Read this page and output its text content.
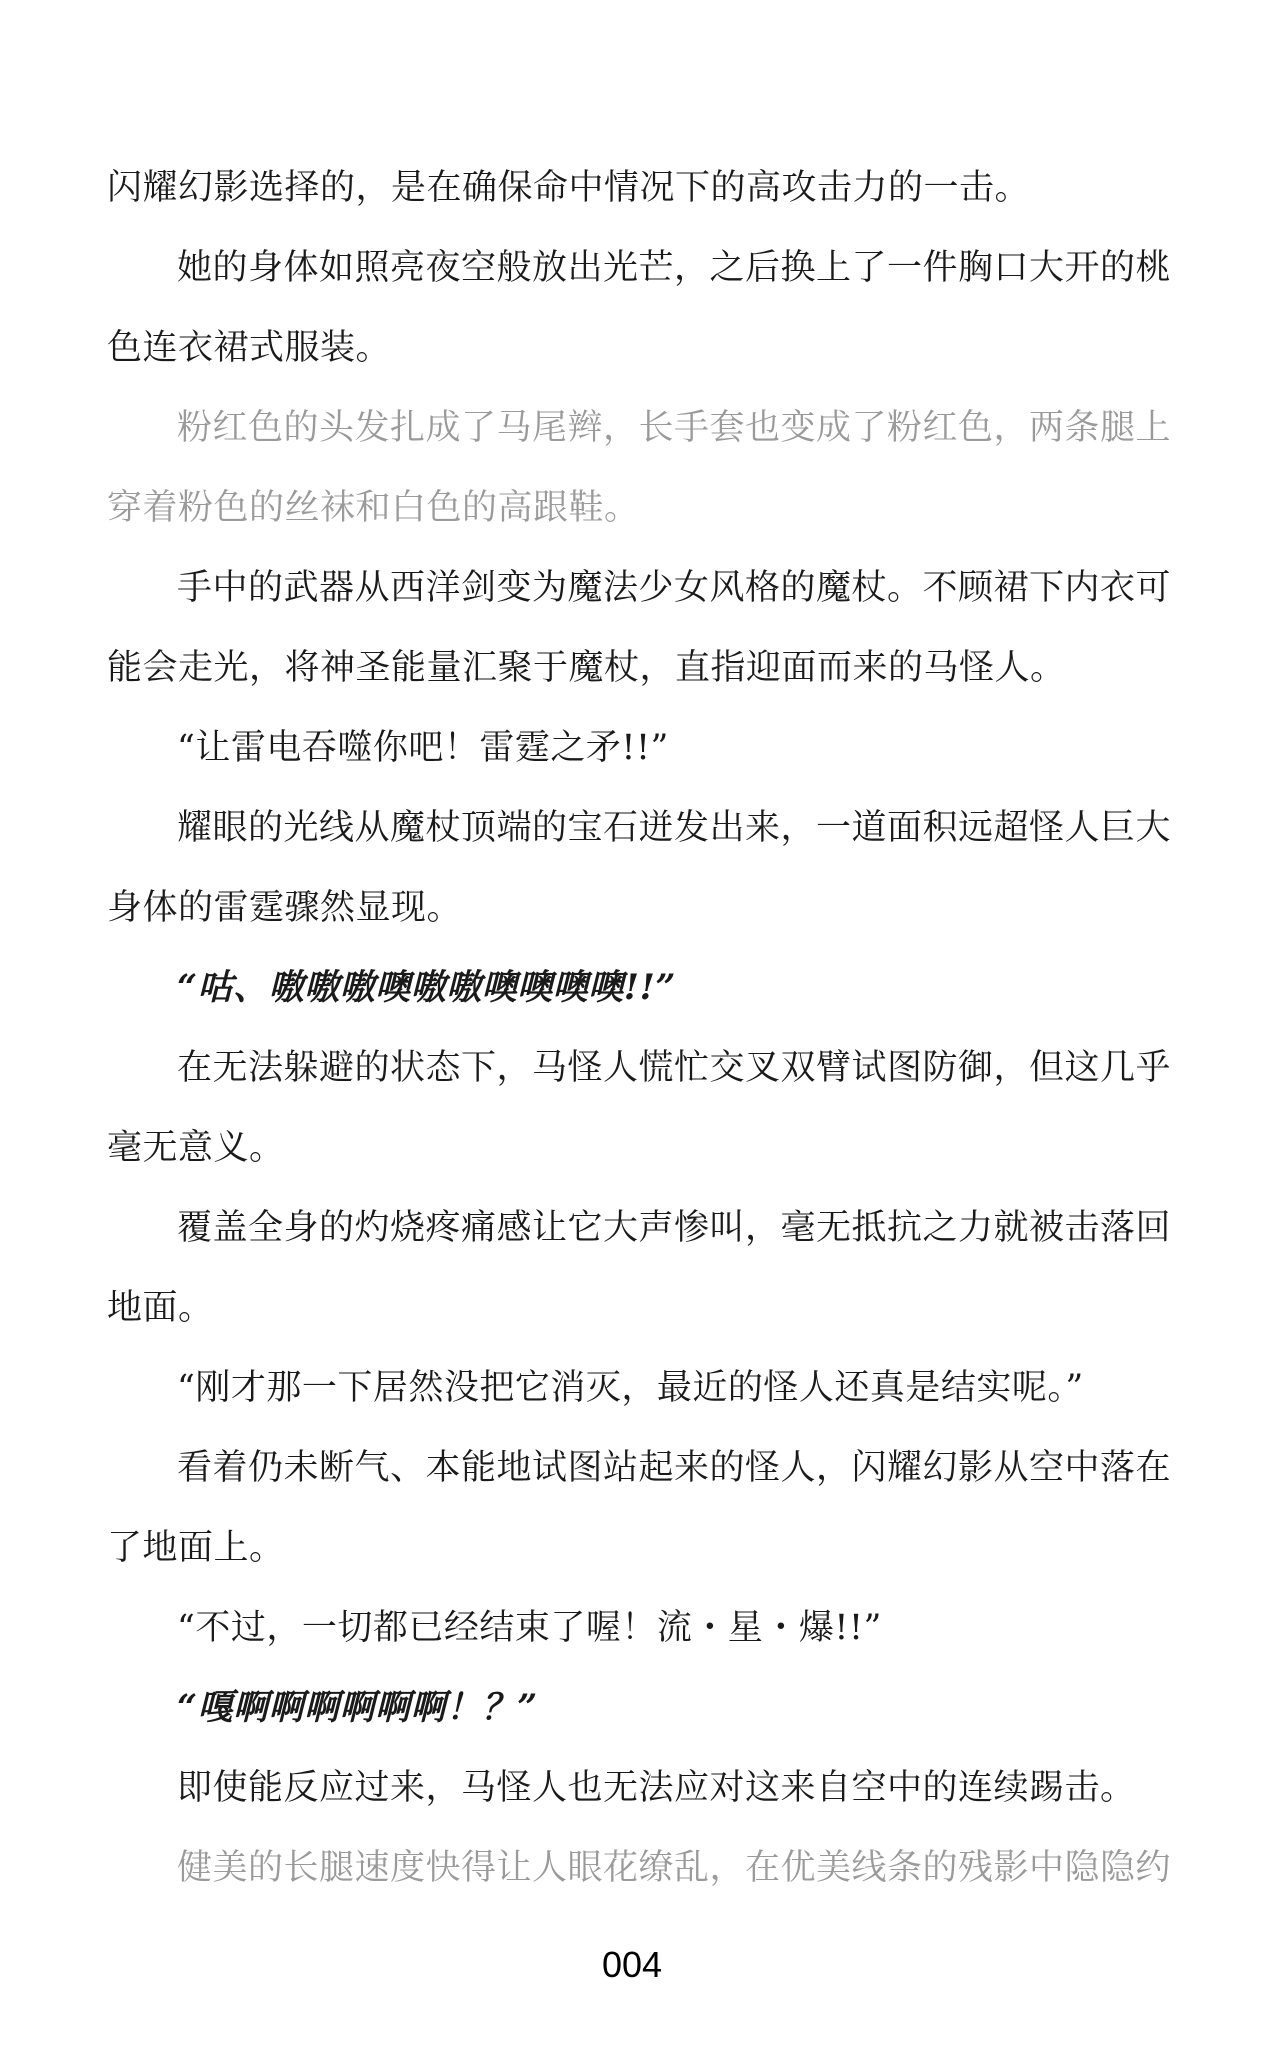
闪耀幻影选择的，是在确保命中情况下的高攻击力的一击。
她的身体如照亮夜空般放出光芒，之后换上了一件胸口大开的桃
色连衣裙式服装。
粉红色的头发扎成了马尾辫，长手套也变成了粉红色，两条腿上
穿着粉色的丝袜和白色的高跟鞋。
手中的武器从西洋剑变为魔法少女风格的魔杖。不顾裙下内衣可
能会走光，将神圣能量汇聚于魔杖，直指迎面而来的马怪人。
“让雷电吞噬你吧！雷霆之矛!!”
耀眼的光线从魔杖顶端的宝石迸发出来，一道面积远超怪人巨大
身体的雷霆骤然显现。
“咕、嗷嗷嗷噢嗷嗷噢噢噢噢!!”
在无法躲避的状态下，马怪人慌忙交叉双臂试图防御，但这几乎
毫无意义。
覆盖全身的灼烧疼痛感让它大声惨叫，毫无抵抗之力就被击落回
地面。
“刚才那一下居然没把它消灭，最近的怪人还真是结实呢。”
看着仍未断气、本能地试图站起来的怪人，闪耀幻影从空中落在
了地面上。
“不过，一切都已经结束了喔！流・星・爆!!”
“嘎啊啊啊啊啊啊！？”
即使能反应过来，马怪人也无法应对这来自空中的连续踢击。
健美的长腿速度快得让人眼花缭乱，在优美线条的残影中隐隐约
004
